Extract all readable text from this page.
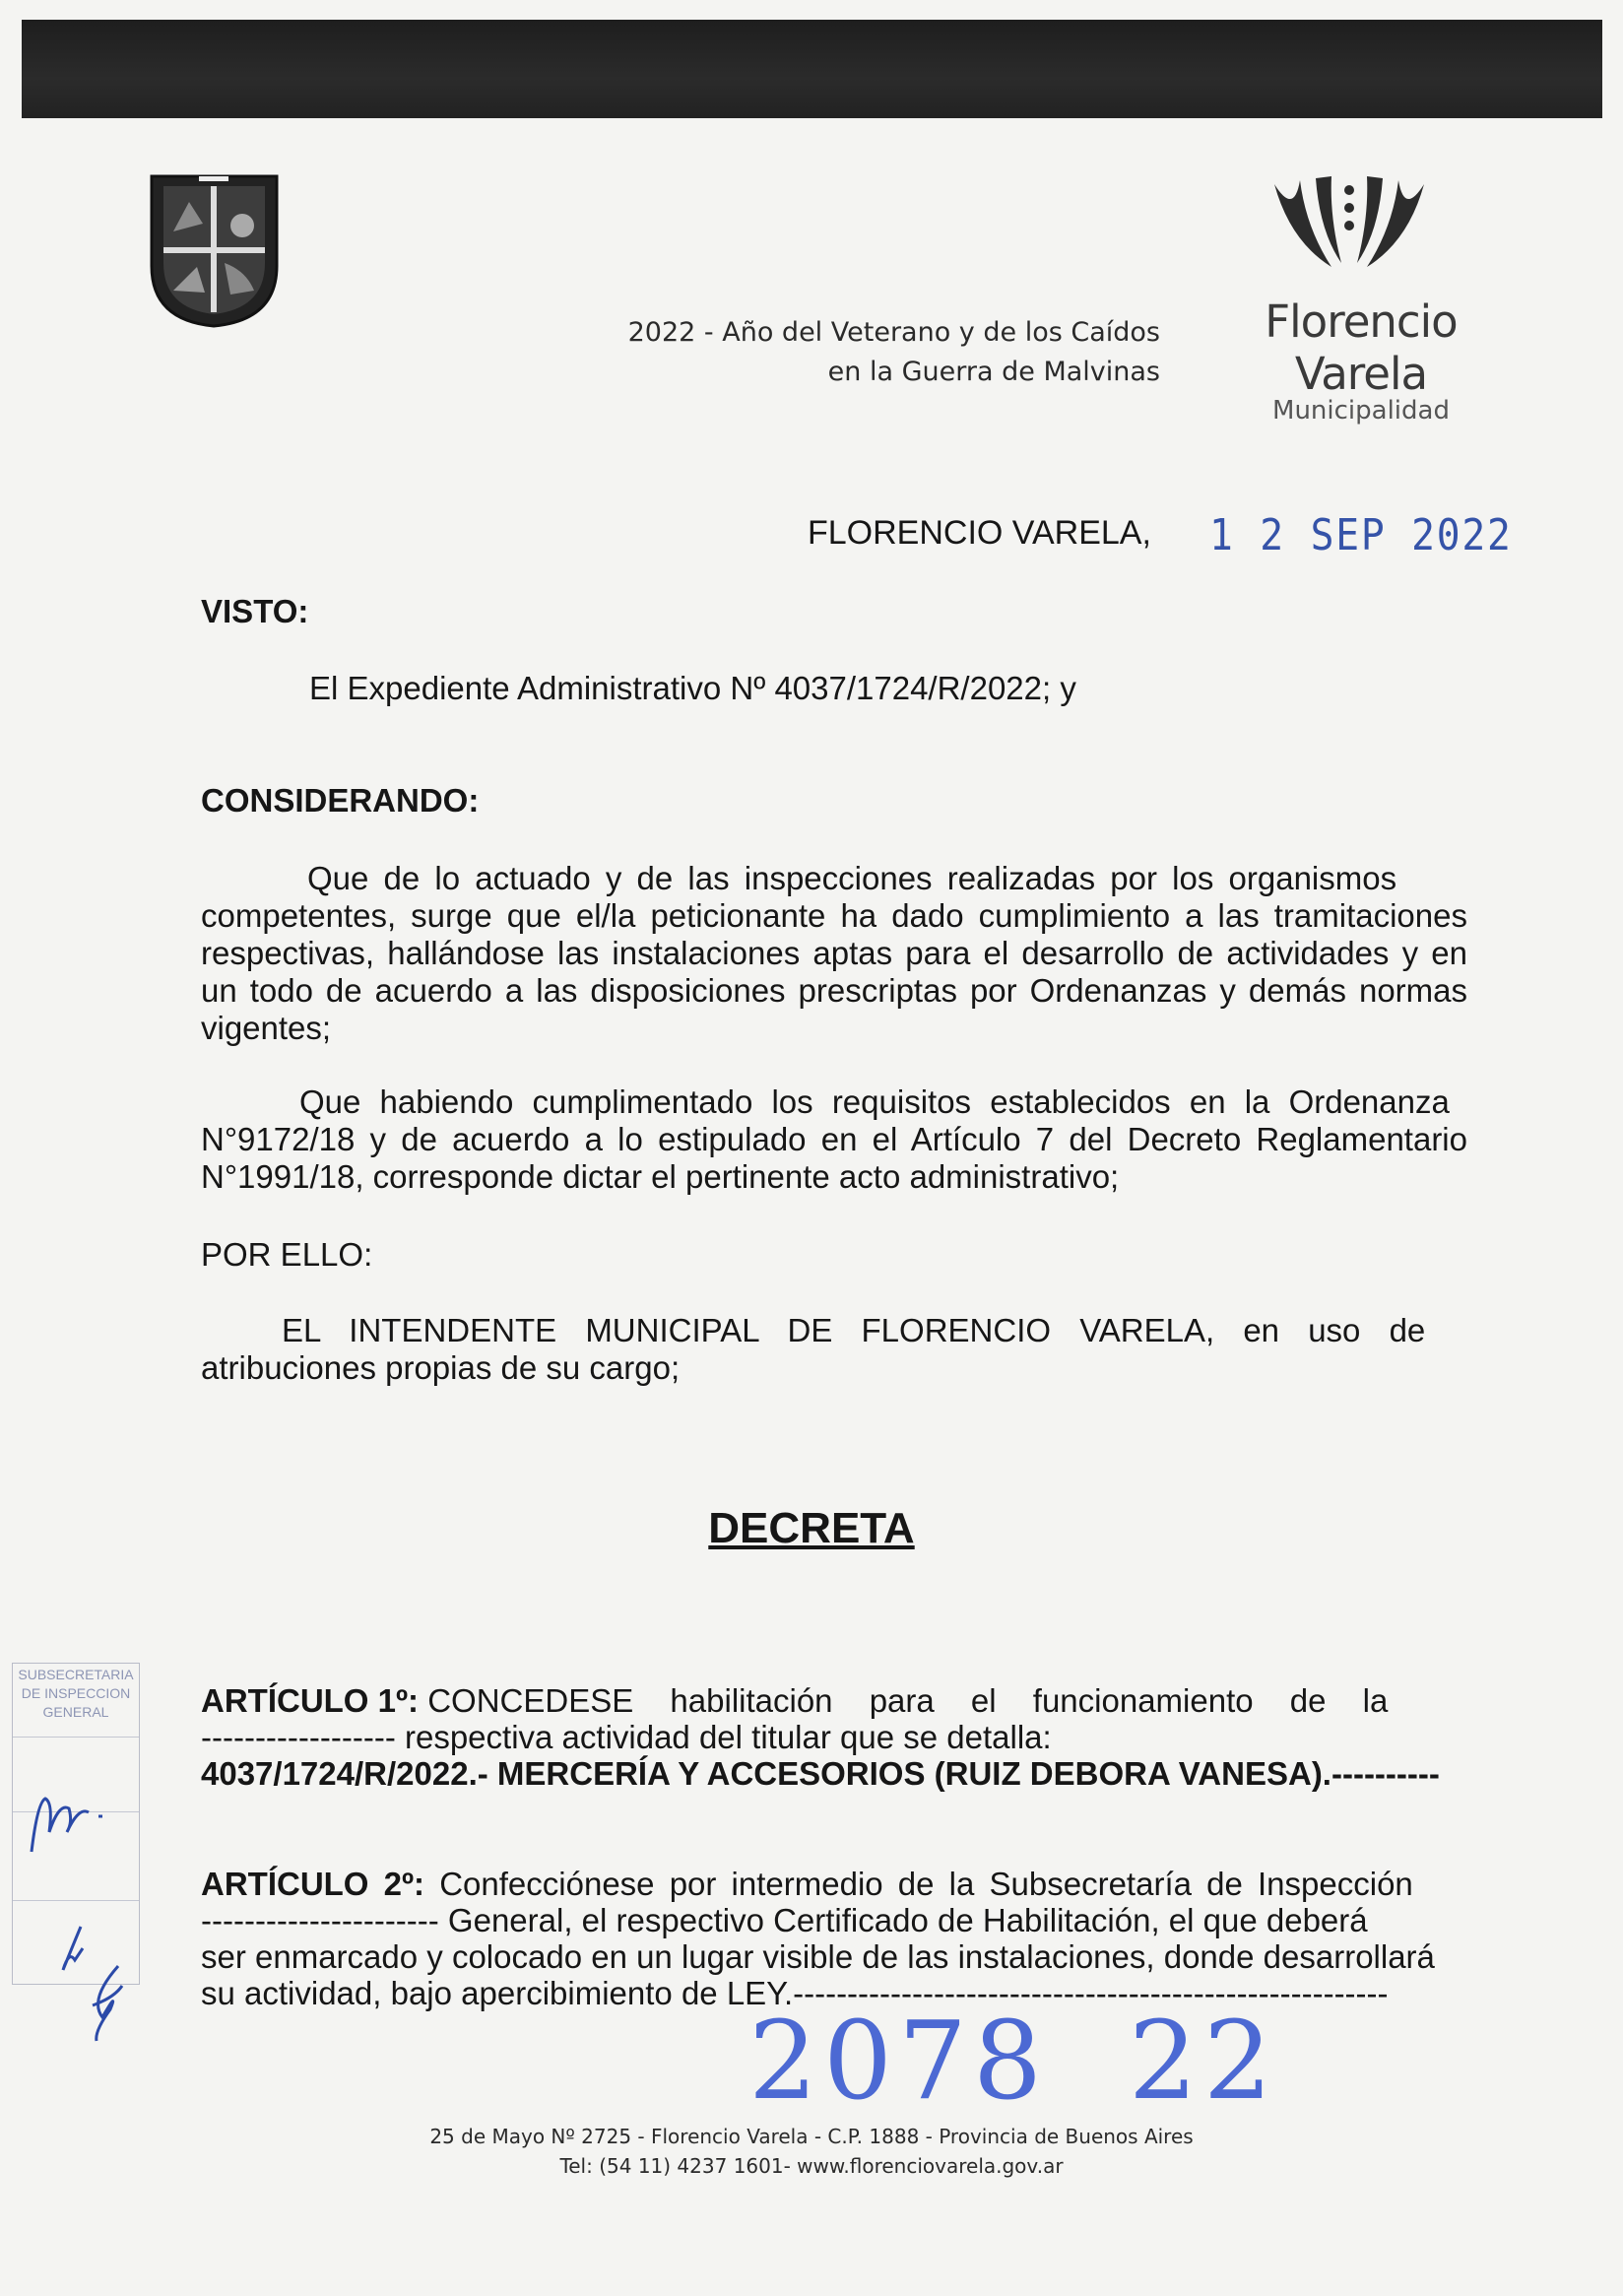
2022 - Año del Veterano y de los Caídos
en la Guerra de Malvinas
Florencio Varela
Municipalidad
FLORENCIO VARELA, 1 2 SEP 2022
VISTO:
El Expediente Administrativo Nº 4037/1724/R/2022; y
CONSIDERANDO:
Que de lo actuado y de las inspecciones realizadas por los organismos
competentes, surge que el/la peticionante ha dado cumplimiento a las tramitaciones respectivas, hallándose las instalaciones aptas para el desarrollo de actividades y en un todo de acuerdo a las disposiciones prescriptas por Ordenanzas y demás normas vigentes;
Que habiendo cumplimentado los requisitos establecidos en la Ordenanza
N°9172/18 y de acuerdo a lo estipulado en el Artículo 7 del Decreto Reglamentario N°1991/18, corresponde dictar el pertinente acto administrativo;
POR ELLO:
EL INTENDENTE MUNICIPAL DE FLORENCIO VARELA, en uso de
atribuciones propias de su cargo;
DECRETA
ARTÍCULO 1º: CONCEDESE habilitación para el funcionamiento de la
------------------ respectiva actividad del titular que se detalla:
4037/1724/R/2022.- MERCERÍA Y ACCESORIOS (RUIZ DEBORA VANESA).----------
ARTÍCULO 2º: Confecciónese por intermedio de la Subsecretaría de Inspección
---------------------- General, el respectivo Certificado de Habilitación, el que deberá
ser enmarcado y colocado en un lugar visible de las instalaciones, donde desarrollará
su actividad, bajo apercibimiento de LEY.-------------------------------------------------------
SUBSECRETARIA
DE INSPECCION
GENERAL
2078  22
25 de Mayo Nº 2725 - Florencio Varela - C.P. 1888 - Provincia de Buenos Aires
Tel: (54 11) 4237 1601- www.florenciovarela.gov.ar
